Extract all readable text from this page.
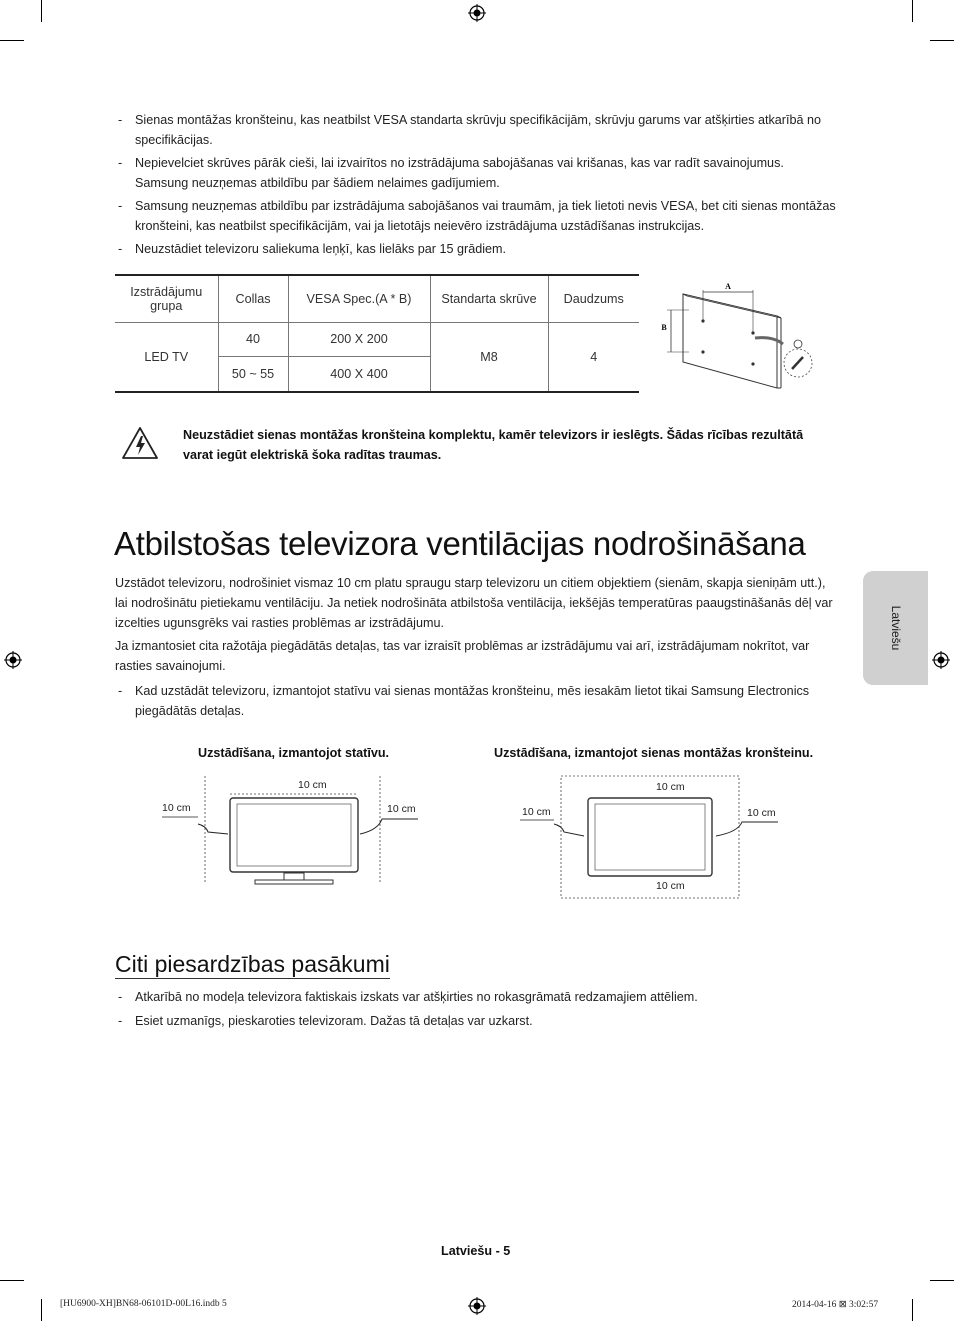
- Sienas montāžas kronšteinu, kas neatbilst VESA standarta skrūvju specifikācijām, skrūvju garums var atšķirties atkarībā no specifikācijas.
- Nepievelciet skrūves pārāk cieši, lai izvairītos no izstrādājuma sabojāšanas vai krišanas, kas var radīt savainojumus. Samsung neuzņemas atbildību par šādiem nelaimes gadījumiem.
- Samsung neuzņemas atbildību par izstrādājuma sabojāšanos vai traumām, ja tiek lietoti nevis VESA, bet citi sienas montāžas kronšteini, kas neatbilst specifikācijām, vai ja lietotājs neievēro izstrādājuma uzstādīšanas instrukcijas.
- Neuzstādiet televizoru saliekuma leņķī, kas lielāks par 15 grādiem.
Izstrādājumu grupa	Collas	VESA Spec.(A * B)	Standarta skrūve	Daudzums
LED TV	40	200 X 200	M8	4
	50 ~ 55	400 X 400		
A
B
Neuzstādiet sienas montāžas kronšteina komplektu, kamēr televizors ir ieslēgts. Šādas rīcības rezultātā varat iegūt elektriskā šoka radītas traumas.
Atbilstošas televizora ventilācijas nodrošināšana

Uzstādot televizoru, nodrošiniet vismaz 10 cm platu spraugu starp televizoru un citiem objektiem (sienām, skapja sieniņām utt.), lai nodrošinātu pietiekamu ventilāciju. Ja netiek nodrošināta atbilstoša ventilācija, iekšējās temperatūras paaugstināšanās dēļ var izcelties ugunsgrēks vai rasties problēmas ar izstrādājumu.

Ja izmantosiet cita ražotāja piegādātās detaļas, tas var izraisīt problēmas ar izstrādājumu vai arī, izstrādājumam nokrītot, var rasties savainojumi.

- Kad uzstādāt televizoru, izmantojot statīvu vai sienas montāžas kronšteinu, mēs iesakām lietot tikai Samsung Electronics piegādātās detaļas.
Uzstādīšana, izmantojot statīvu.
10 cm
10 cm	10 cm
Uzstādīšana, izmantojot sienas montāžas kronšteinu.
10 cm
10 cm	10 cm
10 cm
Citi piesardzības pasākumi
- Atkarībā no modeļa televizora faktiskais izskats var atšķirties no rokasgrāmatā redzamajiem attēliem.
- Esiet uzmanīgs, pieskaroties televizoram. Dažas tā detaļas var uzkarst.
Latviešu
Latviešu - 5
[HU6900-XH]BN68-06101D-00L16.indb 5	2014-04-16 ⊠ 3:02:57
